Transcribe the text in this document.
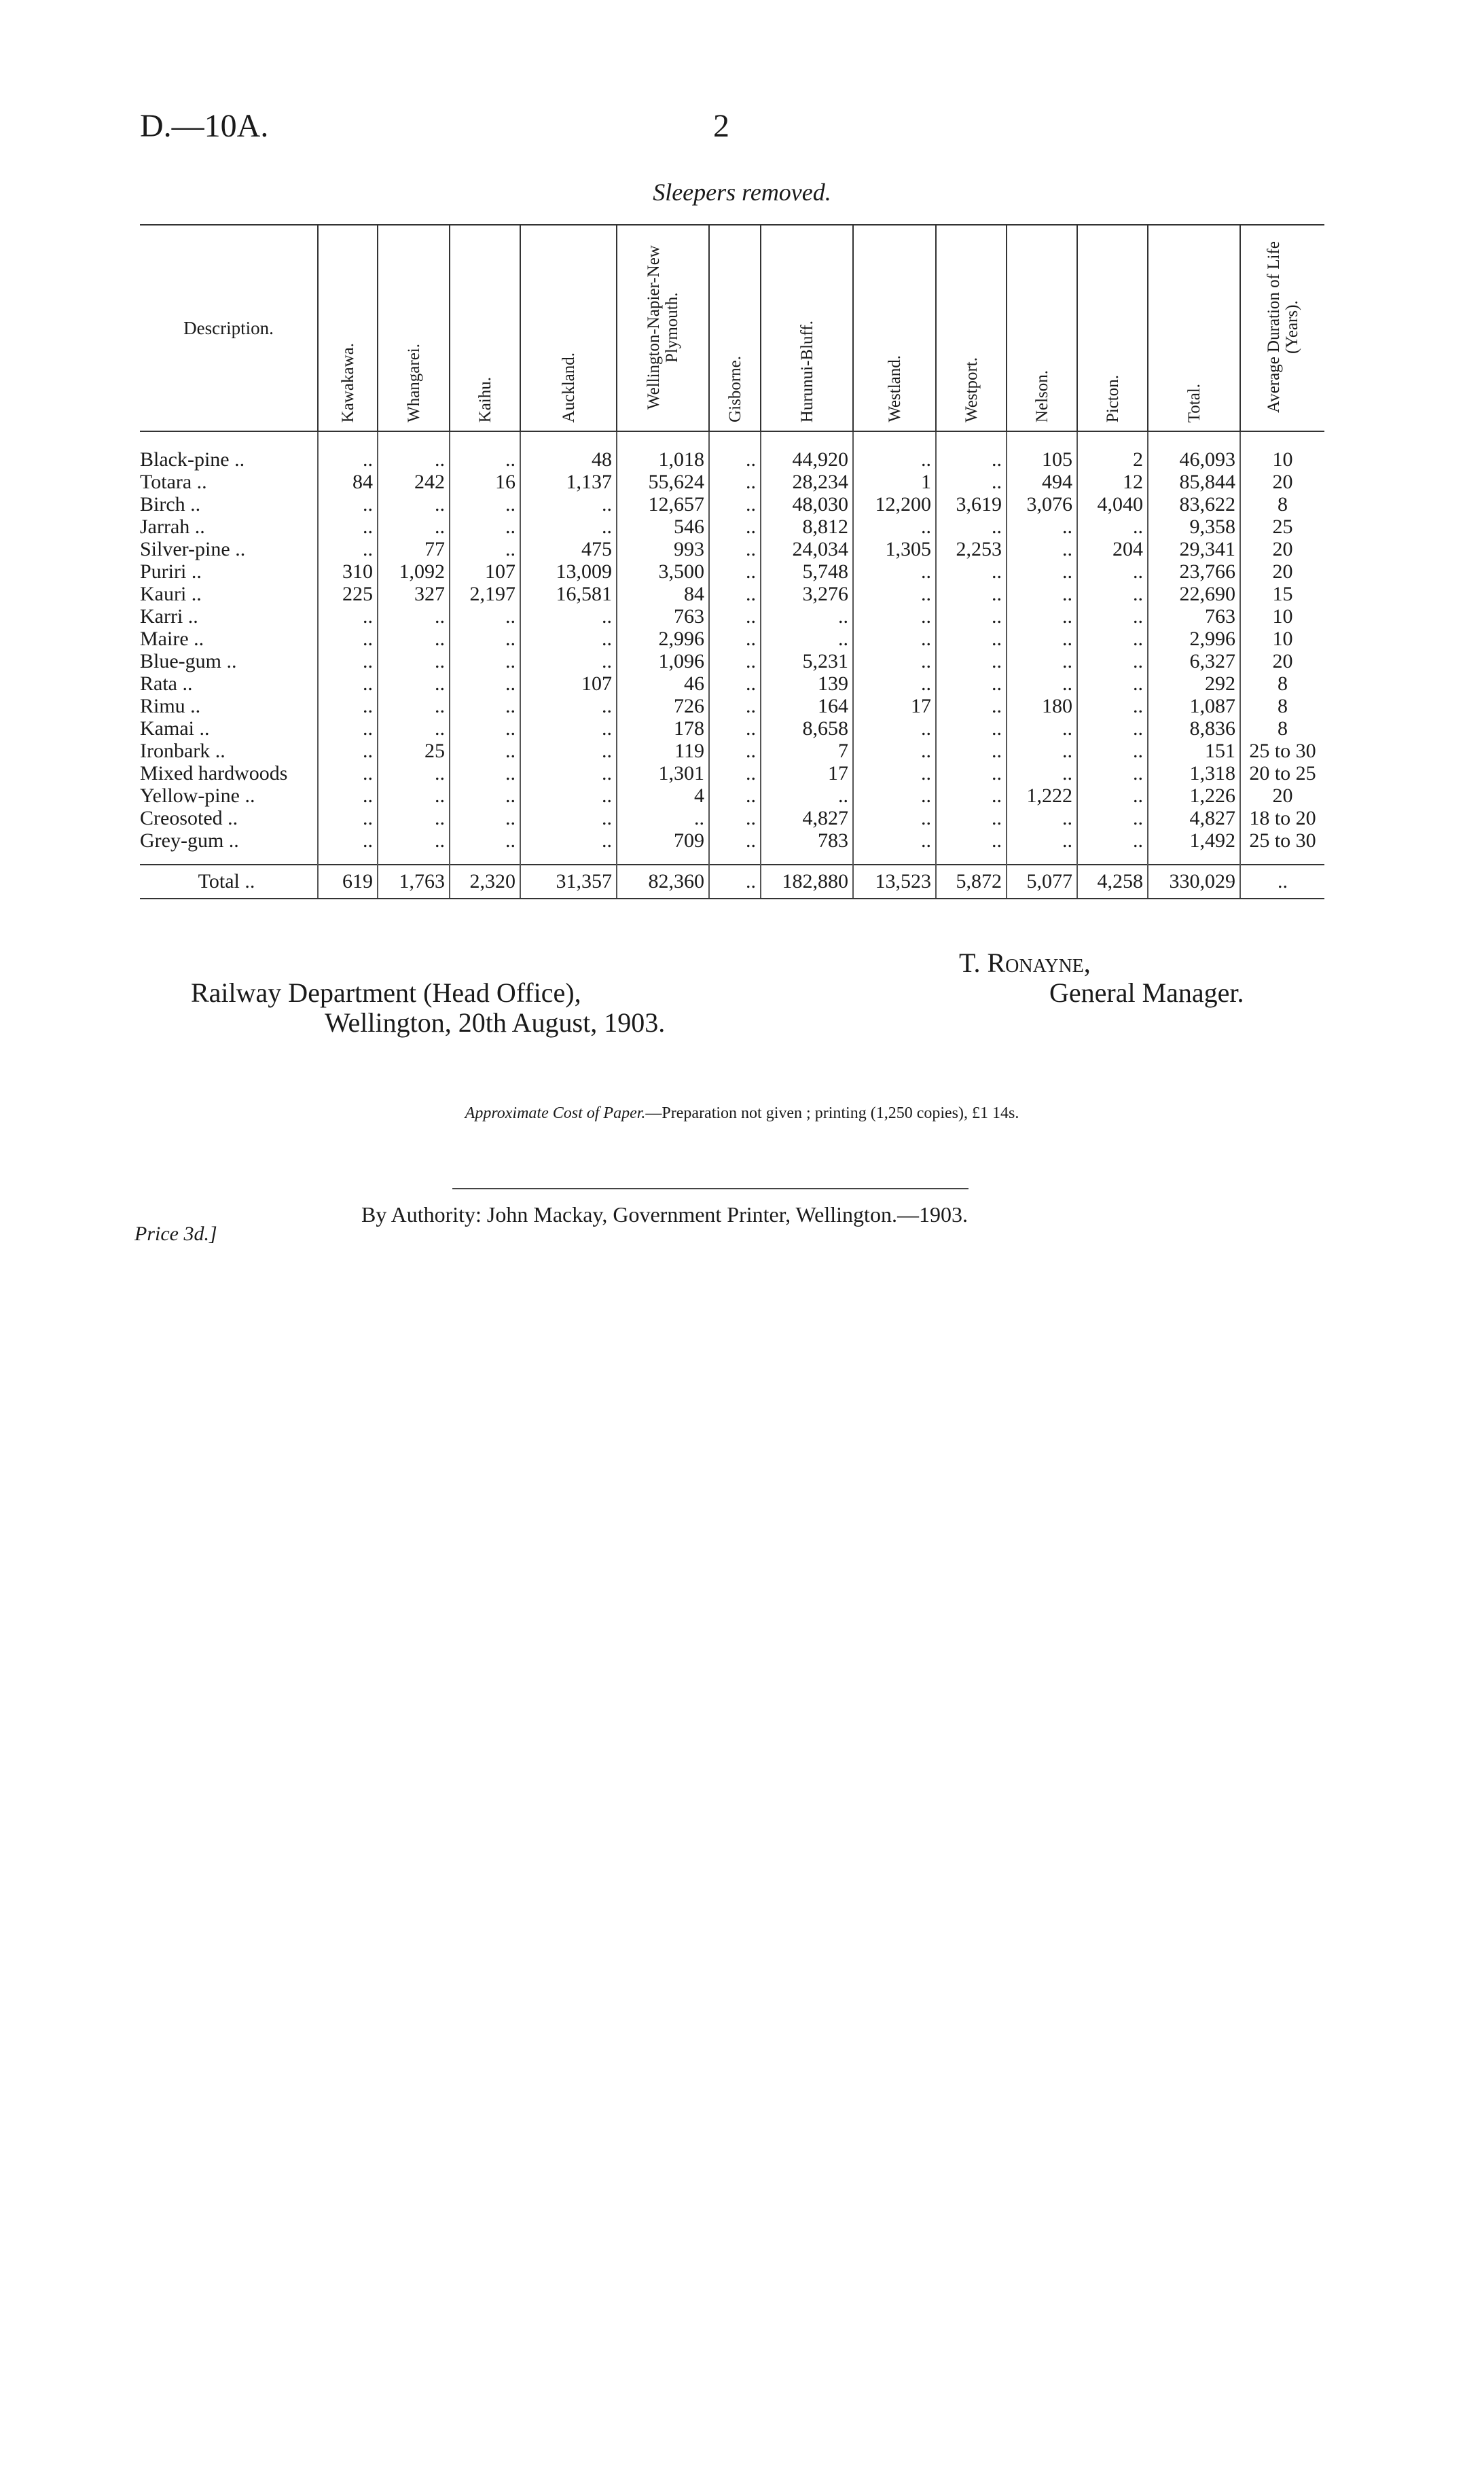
D.—10A.	2
Sleepers removed.
Description.	Kawakawa.	Whangarei.	Kaihu.	Auckland.	Wellington-Napier-New Plymouth.	Gisborne.	Hurunui-Bluff.	Westland.	Westport.	Nelson.	Picton.	Total.	Average Duration of Life (Years).

Black-pine ..	..	..	..	48	1,018	..	44,920	..	..	105	2	46,093	10
Totara ..	84	242	16	1,137	55,624	..	28,234	1	..	494	12	85,844	20
Birch ..	..	..	..	..	12,657	..	48,030	12,200	3,619	3,076	4,040	83,622	8
Jarrah ..	..	..	..	..	546	..	8,812	..	..	..	..	9,358	25
Silver-pine ..	..	77	..	475	993	..	24,034	1,305	2,253	..	204	29,341	20
Puriri ..	310	1,092	107	13,009	3,500	..	5,748	..	..	..	..	23,766	20
Kauri ..	225	327	2,197	16,581	84	..	3,276	..	..	..	..	22,690	15
Karri ..	..	..	..	..	763	..	..	..	..	..	..	763	10
Maire ..	..	..	..	..	2,996	..	..	..	..	..	..	2,996	10
Blue-gum ..	..	..	..	..	1,096	..	5,231	..	..	..	..	6,327	20
Rata ..	..	..	..	107	46	..	139	..	..	..	..	292	8
Rimu ..	..	..	..	..	726	..	164	17	..	180	..	1,087	8
Kamai ..	..	..	..	..	178	..	8,658	..	..	..	..	8,836	8
Ironbark ..	..	25	..	..	119	..	7	..	..	..	..	151	25 to 30
Mixed hardwoods	..	..	..	..	1,301	..	17	..	..	..	..	1,318	20 to 25
Yellow-pine ..	..	..	..	..	4	..	..	..	..	1,222	..	1,226	20
Creosoted ..	..	..	..	..	..	..	4,827	..	..	..	..	4,827	18 to 20
Grey-gum ..	..	..	..	..	709	..	783	..	..	..	..	1,492	25 to 30

Total ..	619	1,763	2,320	31,357	82,360	..	182,880	13,523	5,872	5,077	4,258	330,029	..
T. Ronayne,
General Manager.
Railway Department (Head Office),
Wellington, 20th August, 1903.
Approximate Cost of Paper.—Preparation not given ; printing (1,250 copies), £1 14s.
Price 3d.]
By Authority: John Mackay, Government Printer, Wellington.—1903.
